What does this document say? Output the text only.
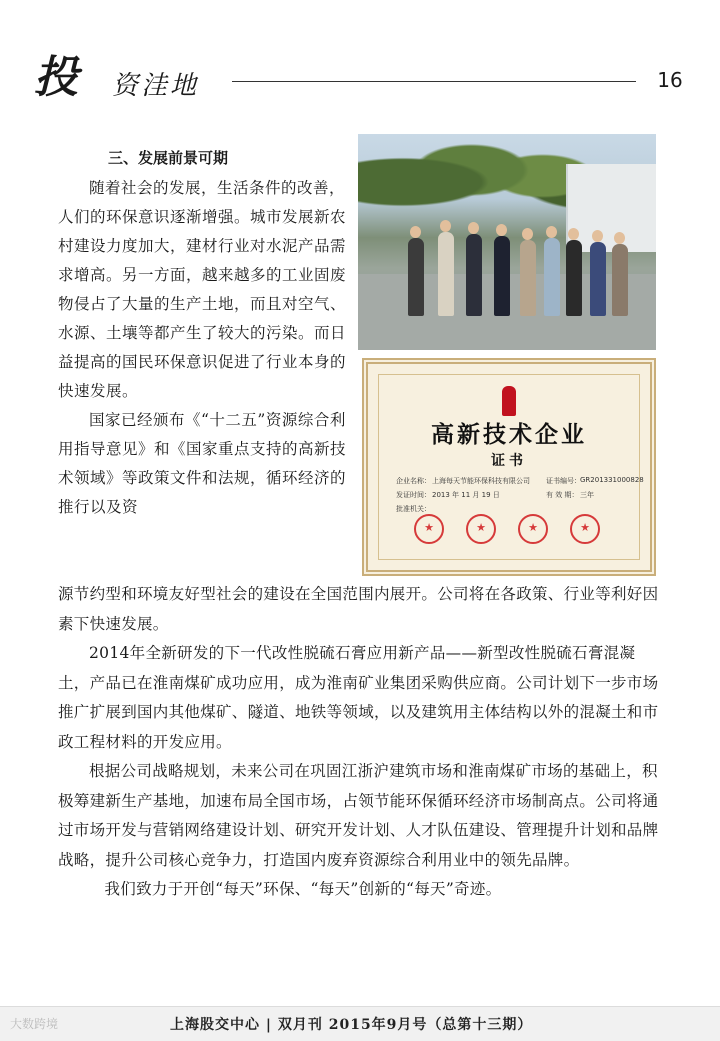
投 资洼地	16
三、发展前景可期

随着社会的发展，生活条件的改善，人们的环保意识逐渐增强。城市发展新农村建设力度加大，建材行业对水泥产品需求增高。另一方面，越来越多的工业固废物侵占了大量的生产土地，而且对空气、水源、土壤等都产生了较大的污染。而日益提高的国民环保意识促进了行业本身的快速发展。

国家已经颁布《“十二五”资源综合利用指导意见》和《国家重点支持的高新技术领域》等政策文件和法规，循环经济的推行以及资

高新技术企业
证书
企业名称： 上海每天节能环保科技有限公司 证书编号： GR201331000828
发证时间： 2013 年 11 月 19 日	有 效 期： 三年
批准机关：
★
★
★
★

源节约型和环境友好型社会的建设在全国范围内展开。公司将在各政策、行业等利好因素下快速发展。

2014年全新研发的下一代改性脱硫石膏应用新产品——新型改性脱硫石膏混凝土，产品已在淮南煤矿成功应用，成为淮南矿业集团采购供应商。公司计划下一步市场推广扩展到国内其他煤矿、隧道、地铁等领域，以及建筑用主体结构以外的混凝土和市政工程材料的开发应用。

根据公司战略规划，未来公司在巩固江浙沪建筑市场和淮南煤矿市场的基础上，积极筹建新生产基地，加速布局全国市场，占领节能环保循环经济市场制高点。公司将通过市场开发与营销网络建设计划、研究开发计划、人才队伍建设、管理提升计划和品牌战略，提升公司核心竞争力，打造国内废弃资源综合利用业中的领先品牌。

我们致力于开创“每天”环保、“每天”创新的“每天”奇迹。

大数跨境	上海股交中心 | 双月刊 2015年9月号（总第十三期）
